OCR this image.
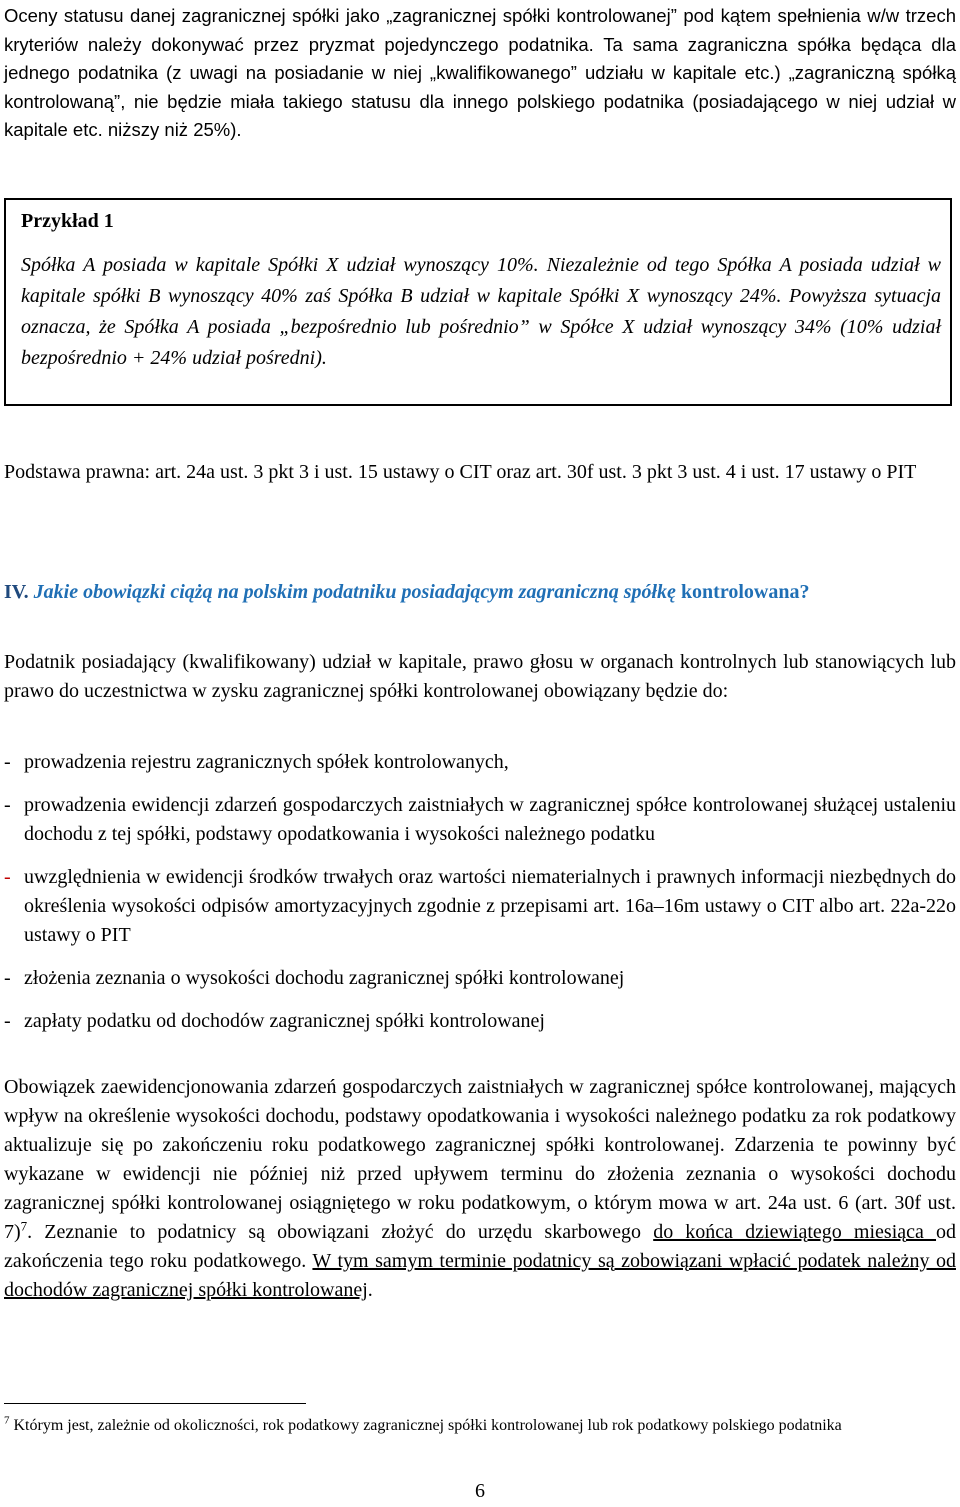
Oceny statusu danej zagranicznej spółki jako „zagranicznej spółki kontrolowanej” pod kątem spełnienia w/w trzech kryteriów należy dokonywać przez pryzmat pojedynczego podatnika. Ta sama zagraniczna spółka będąca dla jednego podatnika (z uwagi na posiadanie w niej „kwalifikowanego” udziału w kapitale etc.) „zagraniczną spółką kontrolowaną”, nie będzie miała takiego statusu dla innego polskiego podatnika (posiadającego w niej udział w kapitale etc. niższy niż 25%).

Przykład 1

Spółka A posiada w kapitale Spółki X udział wynoszący 10%. Niezależnie od tego Spółka A posiada udział w kapitale spółki B wynoszący 40% zaś Spółka B udział w kapitale Spółki X wynoszący 24%. Powyższa sytuacja oznacza, że Spółka A posiada „bezpośrednio lub pośrednio” w Spółce X udział wynoszący 34% (10% udział bezpośrednio + 24% udział pośredni).

Podstawa prawna: art. 24a ust. 3 pkt 3 i ust. 15 ustawy o CIT oraz art. 30f ust. 3 pkt 3 ust. 4 i ust. 17 ustawy o PIT

IV. Jakie obowiązki ciążą na polskim podatniku posiadającym zagraniczną spółkę kontrolowana?

Podatnik posiadający (kwalifikowany) udział w kapitale, prawo głosu w organach kontrolnych lub stanowiących lub prawo do uczestnictwa w zysku zagranicznej spółki kontrolowanej obowiązany będzie do:

- prowadzenia rejestru zagranicznych spółek kontrolowanych,
- prowadzenia ewidencji zdarzeń gospodarczych zaistniałych w zagranicznej spółce kontrolowanej służącej ustaleniu dochodu z tej spółki, podstawy opodatkowania i wysokości należnego podatku
- uwzględnienia w ewidencji środków trwałych oraz wartości niematerialnych i prawnych informacji niezbędnych do określenia wysokości odpisów amortyzacyjnych zgodnie z przepisami art. 16a–16m ustawy o CIT albo art. 22a-22o ustawy o PIT
- złożenia zeznania o wysokości dochodu zagranicznej spółki kontrolowanej
- zapłaty podatku od dochodów zagranicznej spółki kontrolowanej

Obowiązek zaewidencjonowania zdarzeń gospodarczych zaistniałych w zagranicznej spółce kontrolowanej, mających wpływ na określenie wysokości dochodu, podstawy opodatkowania i wysokości należnego podatku za rok podatkowy aktualizuje się po zakończeniu roku podatkowego zagranicznej spółki kontrolowanej. Zdarzenia te powinny być wykazane w ewidencji nie później niż przed upływem terminu do złożenia zeznania o wysokości dochodu zagranicznej spółki kontrolowanej osiągniętego w roku podatkowym, o którym mowa w art. 24a ust. 6 (art. 30f ust. 7)$^7$. Zeznanie to podatnicy są obowiązani złożyć do urzędu skarbowego do końca dziewiątego miesiąca od zakończenia tego roku podatkowego. W tym samym terminie podatnicy są zobowiązani wpłacić podatek należny od dochodów zagranicznej spółki kontrolowanej.

$^7$ Którym jest, zależnie od okoliczności, rok podatkowy zagranicznej spółki kontrolowanej lub rok podatkowy polskiego podatnika

6
